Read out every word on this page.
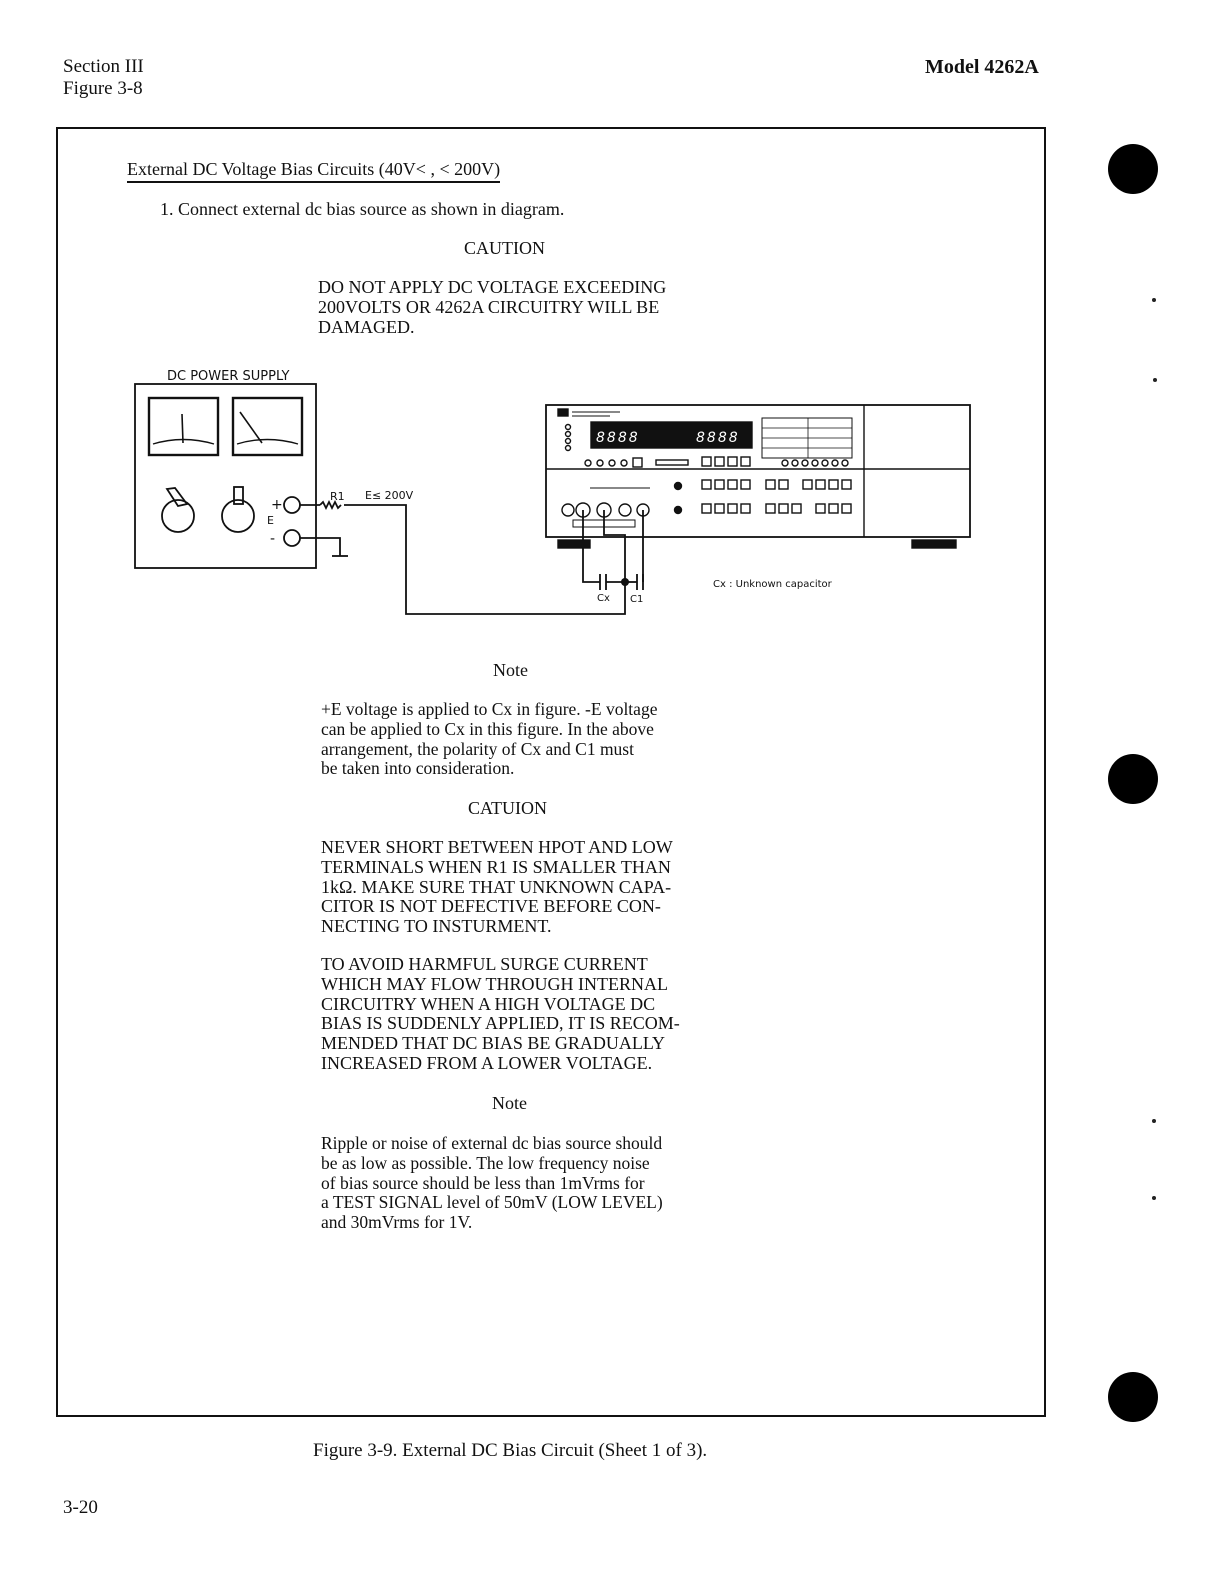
Section III
Figure 3-8
Model 4262A
External DC Voltage Bias Circuits (40V< , < 200V)
1. Connect external dc bias source as shown in diagram.
CAUTION
DO NOT APPLY DC VOLTAGE EXCEEDING
200VOLTS OR 4262A CIRCUITRY WILL BE
DAMAGED.
DC POWER SUPPLY
+
E
-
R1 E≤ 200V
Cx C1
Cx : Unknown capacitor
8888	8888
Note
+E voltage is applied to Cx in figure. -E voltage
can be applied to Cx in this figure. In the above
arrangement, the polarity of Cx and C1 must
be taken into consideration.
CATUION
NEVER SHORT BETWEEN HPOT AND LOW
TERMINALS WHEN R1 IS SMALLER THAN
1kΩ. MAKE SURE THAT UNKNOWN CAPA-
CITOR IS NOT DEFECTIVE BEFORE CON-
NECTING TO INSTURMENT.
TO AVOID HARMFUL SURGE CURRENT
WHICH MAY FLOW THROUGH INTERNAL
CIRCUITRY WHEN A HIGH VOLTAGE DC
BIAS IS SUDDENLY APPLIED, IT IS RECOM-
MENDED THAT DC BIAS BE GRADUALLY
INCREASED FROM A LOWER VOLTAGE.
Note
Ripple or noise of external dc bias source should
be as low as possible. The low frequency noise
of bias source should be less than 1mVrms for
a TEST SIGNAL level of 50mV (LOW LEVEL)
and 30mVrms for 1V.
Figure 3-9. External DC Bias Circuit (Sheet 1 of 3).
3-20
